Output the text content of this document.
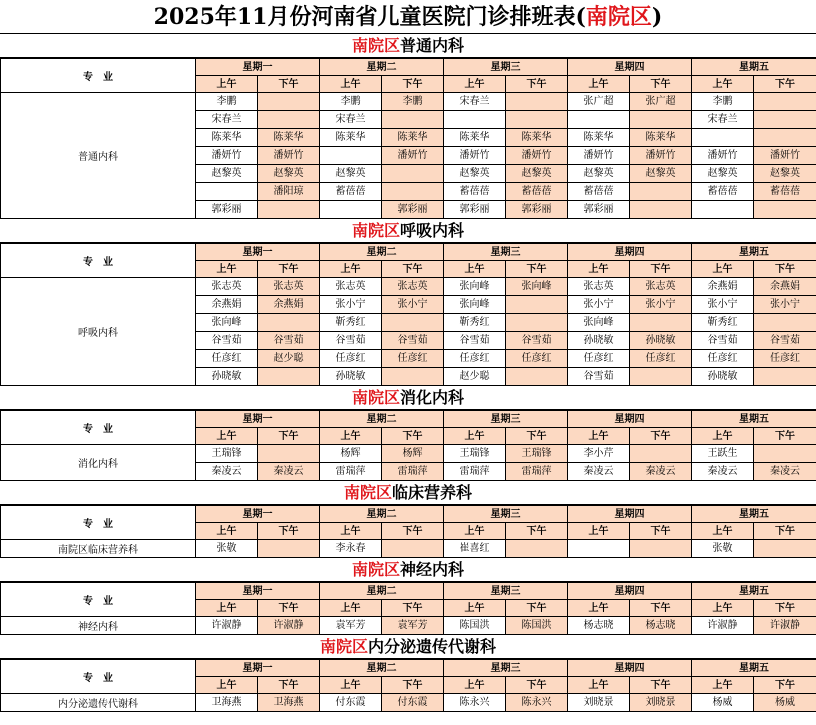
2025年11月份河南省儿童医院门诊排班表(南院区)
南院区普通内科
专　业	星期一		星期二		星期三		星期四		星期五	
	上午	下午	上午	下午	上午	下午	上午	下午	上午	下午
普通内科	李鹏		李鹏	李鹏	宋春兰		张广超	张广超	李鹏	
	宋春兰		宋春兰						宋春兰	
	陈莱华	陈莱华	陈莱华	陈莱华	陈莱华	陈莱华	陈莱华	陈莱华		
	潘妍竹	潘妍竹		潘妍竹	潘妍竹	潘妍竹	潘妍竹	潘妍竹	潘妍竹	潘妍竹
	赵黎英	赵黎英	赵黎英		赵黎英	赵黎英	赵黎英	赵黎英	赵黎英	赵黎英
		潘阳琼	蓄蓓蓓		蓄蓓蓓	蓄蓓蓓	蓄蓓蓓		蓄蓓蓓	蓄蓓蓓
	郭彩丽			郭彩丽	郭彩丽	郭彩丽	郭彩丽			
南院区呼吸内科
专　业	星期一		星期二		星期三		星期四		星期五	
	上午	下午	上午	下午	上午	下午	上午	下午	上午	下午
呼吸内科	张志英	张志英	张志英	张志英	张向峰	张向峰	张志英	张志英	余燕娟	余燕娟
	余燕娟	余燕娟	张小宁	张小宁	张向峰		张小宁	张小宁	张小宁	张小宁
	张向峰		靳秀红		靳秀红		张向峰		靳秀红	
	谷雪茹	谷雪茹	谷雪茹	谷雪茹	谷雪茹	谷雪茹	孙晓敏	孙晓敏	谷雪茹	谷雪茹
	任彦红	赵少聪	任彦红	任彦红	任彦红	任彦红	任彦红	任彦红	任彦红	任彦红
	孙晓敏		孙晓敏		赵少聪		谷雪茹		孙晓敏	
南院区消化内科
专　业	星期一		星期二		星期三		星期四		星期五	
	上午	下午	上午	下午	上午	下午	上午	下午	上午	下午
消化内科	王瑞锋		杨辉	杨辉	王瑞锋	王瑞锋	李小芹		王跃生	
	秦凌云	秦凌云	雷瑞萍	雷瑞萍	雷瑞萍	雷瑞萍	秦凌云	秦凌云	秦凌云	秦凌云
南院区临床营养科
专　业	星期一		星期二		星期三		星期四		星期五	
	上午	下午	上午	下午	上午	下午	上午	下午	上午	下午
南院区临床营养科	张敬		李永春		崔喜红				张敬	
南院区神经内科
专　业	星期一		星期二		星期三		星期四		星期五	
	上午	下午	上午	下午	上午	下午	上午	下午	上午	下午
神经内科	许淑静	许淑静	袁军芳	袁军芳	陈国洪	陈国洪	杨志晓	杨志晓	许淑静	许淑静
南院区内分泌遗传代谢科
专　业	星期一		星期二		星期三		星期四		星期五	
	上午	下午	上午	下午	上午	下午	上午	下午	上午	下午
内分泌遗传代谢科	卫海燕	卫海燕	付东霞	付东霞	陈永兴	陈永兴	刘晓景	刘晓景	杨威	杨威
